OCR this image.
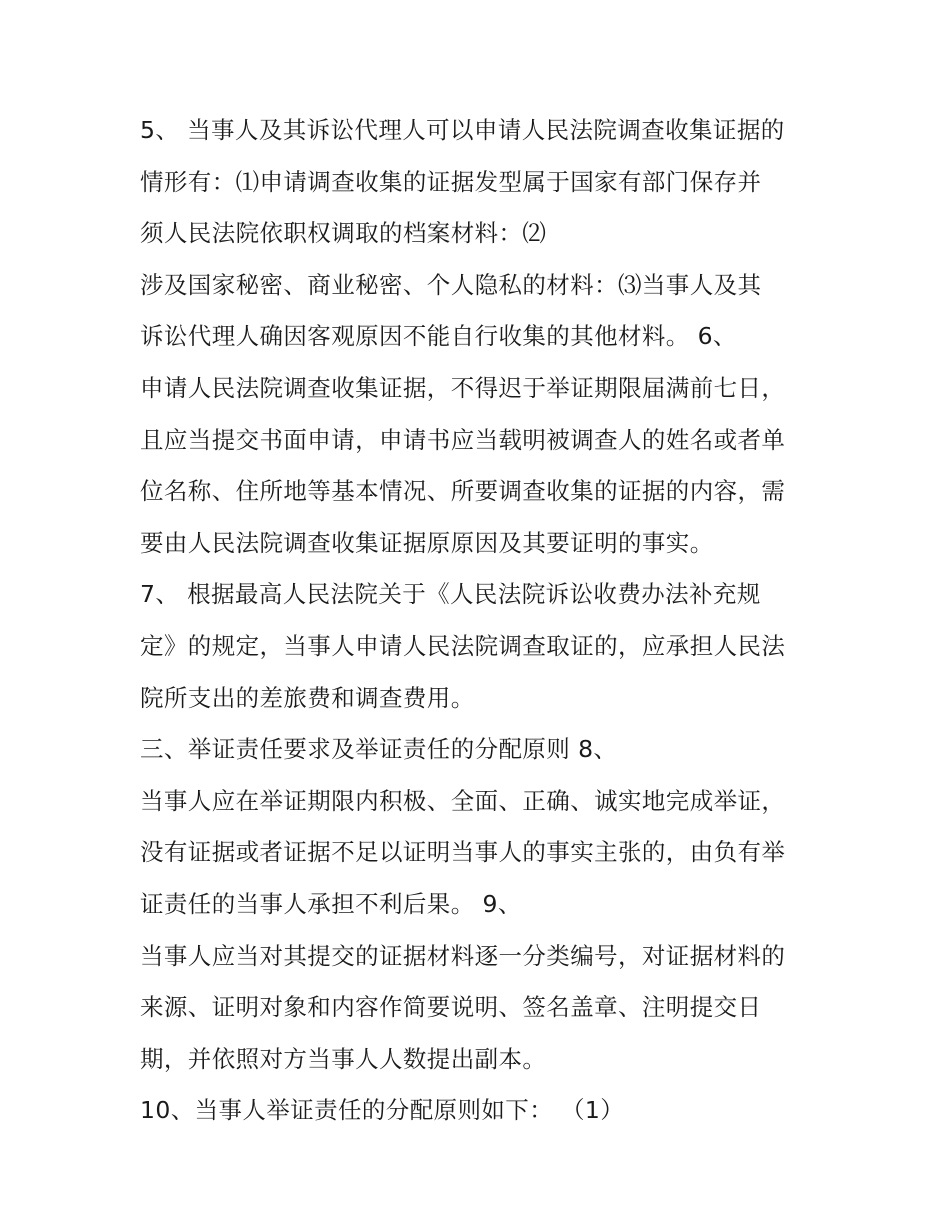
5、 当事人及其诉讼代理人可以申请人民法院调查收集证据的
情形有：⑴申请调查收集的证据发型属于国家有部门保存并
须人民法院依职权调取的档案材料：⑵
涉及国家秘密、商业秘密、个人隐私的材料：⑶当事人及其
诉讼代理人确因客观原因不能自行收集的其他材料。 6、
申请人民法院调查收集证据，不得迟于举证期限届满前七日，
且应当提交书面申请，申请书应当载明被调查人的姓名或者单
位名称、住所地等基本情况、所要调查收集的证据的内容，需
要由人民法院调查收集证据原原因及其要证明的事实。
7、 根据最高人民法院关于《人民法院诉讼收费办法补充规
定》的规定，当事人申请人民法院调查取证的，应承担人民法
院所支出的差旅费和调查费用。
三、举证责任要求及举证责任的分配原则 8、
当事人应在举证期限内积极、全面、正确、诚实地完成举证，
没有证据或者证据不足以证明当事人的事实主张的，由负有举
证责任的当事人承担不利后果。 9、
当事人应当对其提交的证据材料逐一分类编号，对证据材料的
来源、证明对象和内容作简要说明、签名盖章、注明提交日
期，并依照对方当事人人数提出副本。
10、当事人举证责任的分配原则如下： （1）
